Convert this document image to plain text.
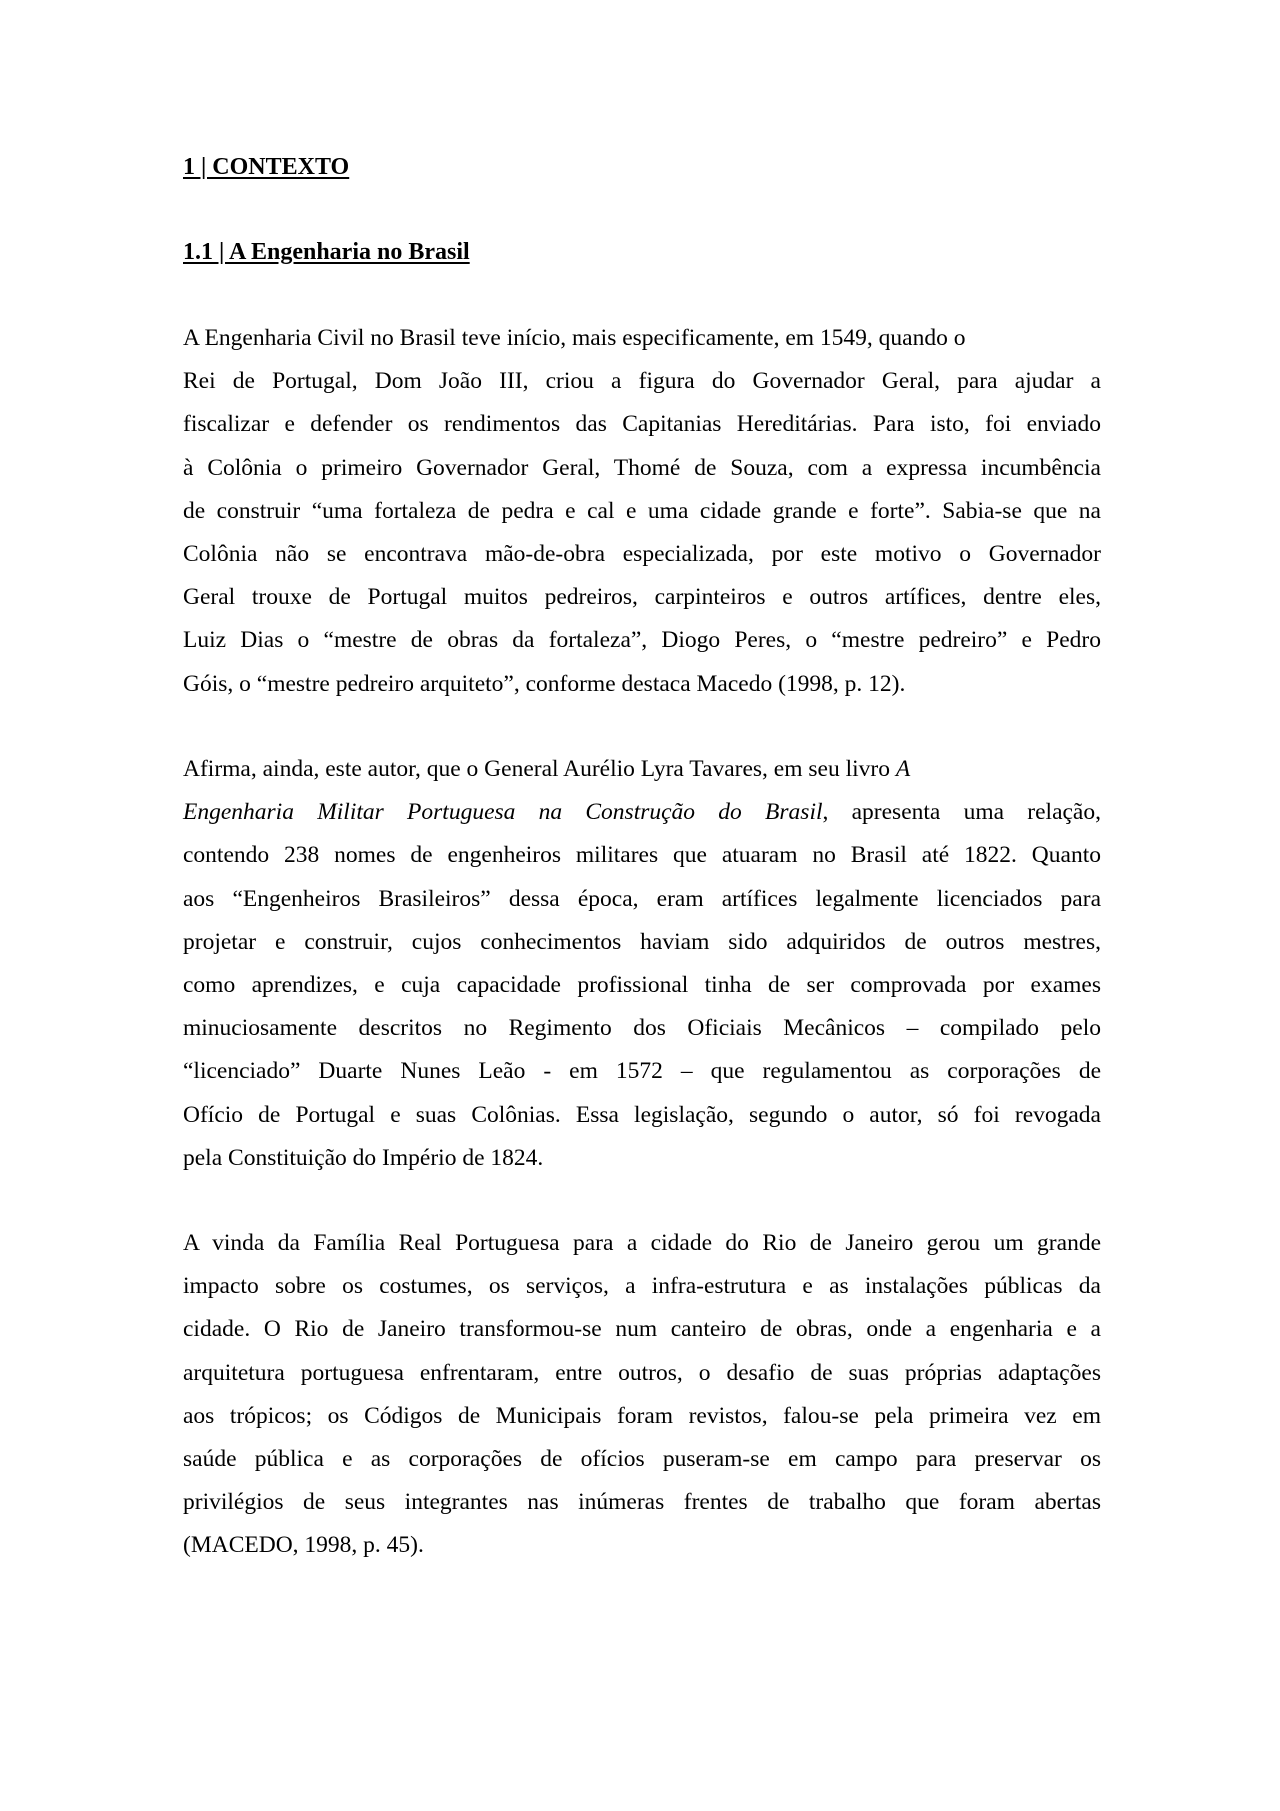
1 | CONTEXTO
1.1 | A Engenharia no Brasil

A Engenharia Civil no Brasil teve início, mais especificamente, em 1549, quando o
Rei de Portugal, Dom João III, criou a figura do Governador Geral, para ajudar a
fiscalizar e defender os rendimentos das Capitanias Hereditárias. Para isto, foi enviado
à Colônia o primeiro Governador Geral, Thomé de Souza, com a expressa incumbência
de construir “uma fortaleza de pedra e cal e uma cidade grande e forte”. Sabia-se que na
Colônia não se encontrava mão-de-obra especializada, por este motivo o Governador
Geral trouxe de Portugal muitos pedreiros, carpinteiros e outros artífices, dentre eles,
Luiz Dias o “mestre de obras da fortaleza”, Diogo Peres, o “mestre pedreiro” e Pedro
Góis, o “mestre pedreiro arquiteto”, conforme destaca Macedo (1998, p. 12).

Afirma, ainda, este autor, que o General Aurélio Lyra Tavares, em seu livro A
Engenharia Militar Portuguesa na Construção do Brasil, apresenta uma relação,
contendo 238 nomes de engenheiros militares que atuaram no Brasil até 1822. Quanto
aos “Engenheiros Brasileiros” dessa época, eram artífices legalmente licenciados para
projetar e construir, cujos conhecimentos haviam sido adquiridos de outros mestres,
como aprendizes, e cuja capacidade profissional tinha de ser comprovada por exames
minuciosamente descritos no Regimento dos Oficiais Mecânicos – compilado pelo
“licenciado” Duarte Nunes Leão - em 1572 – que regulamentou as corporações de
Ofício de Portugal e suas Colônias. Essa legislação, segundo o autor, só foi revogada
pela Constituição do Império de 1824.

A vinda da Família Real Portuguesa para a cidade do Rio de Janeiro gerou um grande
impacto sobre os costumes, os serviços, a infra-estrutura e as instalações públicas da
cidade. O Rio de Janeiro transformou-se num canteiro de obras, onde a engenharia e a
arquitetura portuguesa enfrentaram, entre outros, o desafio de suas próprias adaptações
aos trópicos; os Códigos de Municipais foram revistos, falou-se pela primeira vez em
saúde pública e as corporações de ofícios puseram-se em campo para preservar os
privilégios de seus integrantes nas inúmeras frentes de trabalho que foram abertas
(MACEDO, 1998, p. 45).
